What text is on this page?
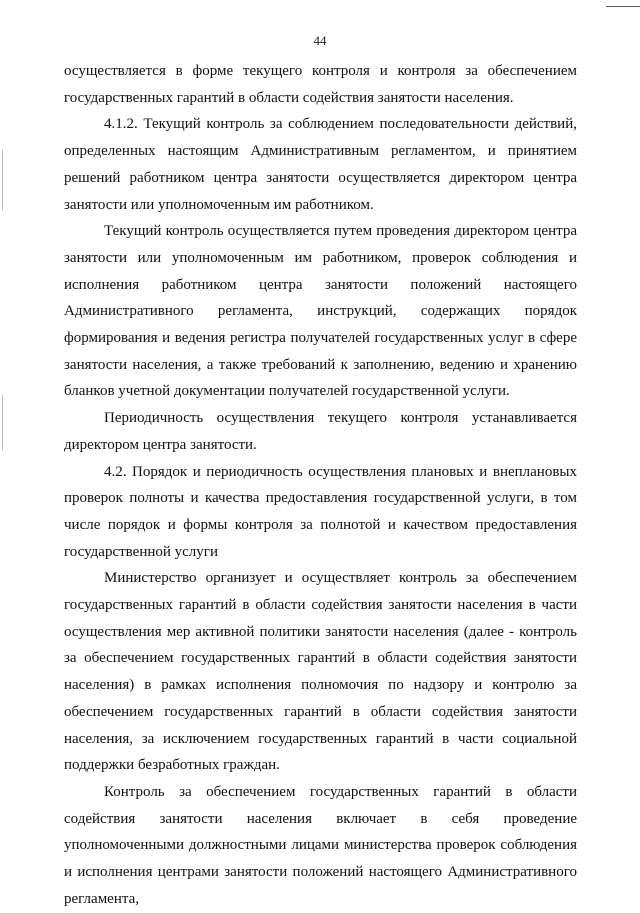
44

осуществляется в форме текущего контроля и контроля за обеспечением государственных гарантий в области содействия занятости населения.

4.1.2. Текущий контроль за соблюдением последовательности действий, определенных настоящим Административным регламентом, и принятием решений работником центра занятости осуществляется директором центра занятости или уполномоченным им работником.

Текущий контроль осуществляется путем проведения директором центра занятости или уполномоченным им работником, проверок соблюдения и исполнения работником центра занятости положений настоящего Административного регламента, инструкций, содержащих порядок формирования и ведения регистра получателей государственных услуг в сфере занятости населения, а также требований к заполнению, ведению и хранению бланков учетной документации получателей государственной услуги.

Периодичность осуществления текущего контроля устанавливается директором центра занятости.

4.2. Порядок и периодичность осуществления плановых и внеплановых проверок полноты и качества предоставления государственной услуги, в том числе порядок и формы контроля за полнотой и качеством предоставления государственной услуги

Министерство организует и осуществляет контроль за обеспечением государственных гарантий в области содействия занятости населения в части осуществления мер активной политики занятости населения (далее - контроль за обеспечением государственных гарантий в области содействия занятости населения) в рамках исполнения полномочия по надзору и контролю за обеспечением государственных гарантий в области содействия занятости населения, за исключением государственных гарантий в части социальной поддержки безработных граждан.

Контроль за обеспечением государственных гарантий в области содействия занятости населения включает в себя проведение уполномоченными должностными лицами министерства проверок соблюдения и исполнения центрами занятости положений настоящего Административного регламента,
